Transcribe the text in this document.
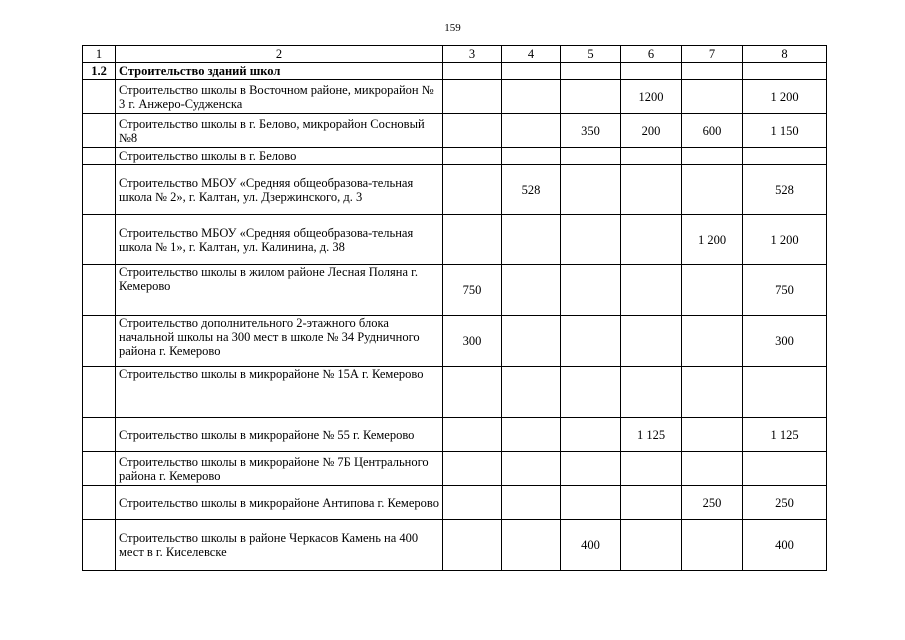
159
1	2	3	4	5	6	7	8
1.2	Строительство зданий школ						
	Строительство школы в Восточном районе, микрорайон № 3 г. Анжеро-Судженска				1200		1 200
	Строительство школы в г. Белово, микрорайон Сосновый №8			350	200	600	1 150
	Строительство школы в г. Белово						
	Строительство МБОУ «Средняя общеобразова-тельная школа № 2», г. Калтан, ул. Дзержинского, д. 3		528				528
	Строительство МБОУ «Средняя общеобразова-тельная школа № 1», г. Калтан, ул. Калинина, д. 38					1 200	1 200
	Строительство школы в жилом районе Лесная Поляна г. Кемерово	750					750
	Строительство дополнительного 2-этажного блока начальной школы на 300 мест в школе № 34 Рудничного района г. Кемерово	300					300
	Строительство школы в микрорайоне № 15А г. Кемерово						
	Строительство школы в микрорайоне № 55 г. Кемерово				1 125		1 125
	Строительство школы в микрорайоне № 7Б Центрального района г. Кемерово						
	Строительство школы в микрорайоне Антипова г. Кемерово					250	250
	Строительство школы в районе Черкасов Камень на 400 мест в г. Киселевске			400			400
